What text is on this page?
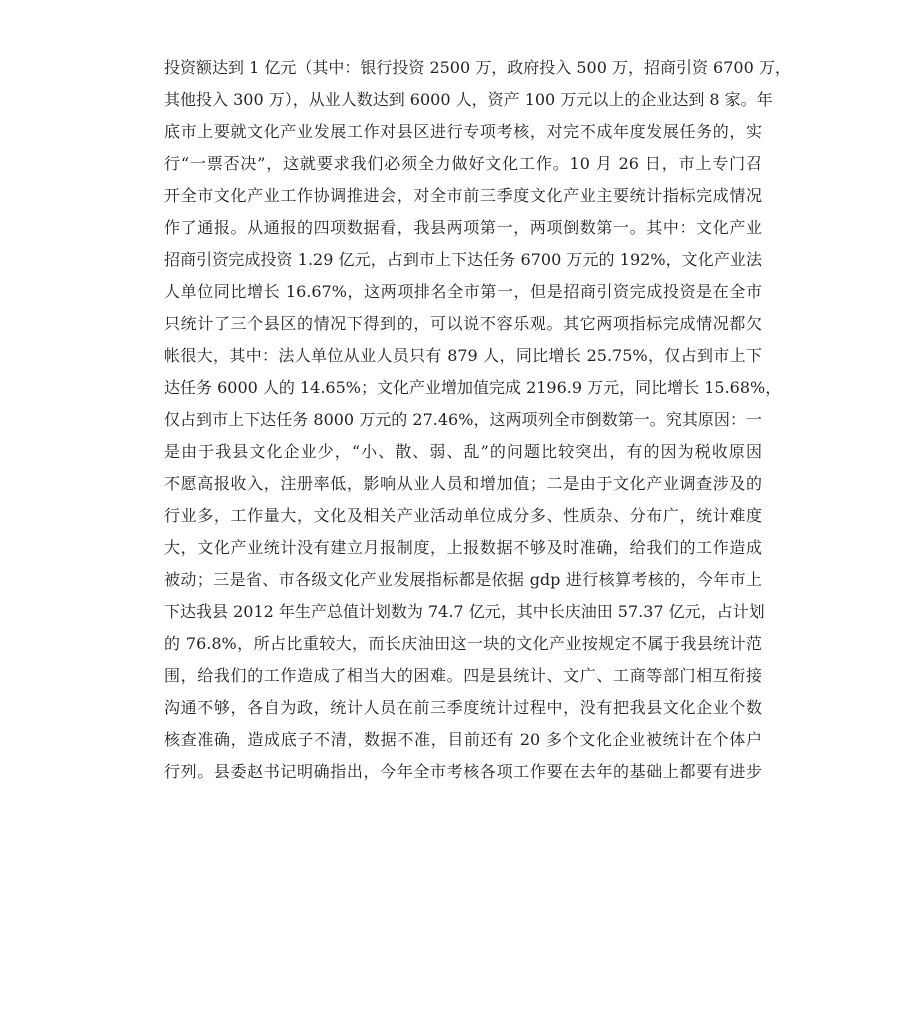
投资额达到 1 亿元（其中：银行投资 2500 万，政府投入 500 万，招商引资 6700 万，
其他投入 300 万），从业人数达到 6000 人，资产 100 万元以上的企业达到 8 家。年
底市上要就文化产业发展工作对县区进行专项考核，对完不成年度发展任务的，实
行“一票否决”，这就要求我们必须全力做好文化工作。10 月 26 日，市上专门召
开全市文化产业工作协调推进会，对全市前三季度文化产业主要统计指标完成情况
作了通报。从通报的四项数据看，我县两项第一，两项倒数第一。其中：文化产业
招商引资完成投资 1.29 亿元，占到市上下达任务 6700 万元的 192%，文化产业法
人单位同比增长 16.67%，这两项排名全市第一，但是招商引资完成投资是在全市
只统计了三个县区的情况下得到的，可以说不容乐观。其它两项指标完成情况都欠
帐很大，其中：法人单位从业人员只有 879 人，同比增长 25.75%，仅占到市上下
达任务 6000 人的 14.65%；文化产业增加值完成 2196.9 万元，同比增长 15.68%，
仅占到市上下达任务 8000 万元的 27.46%，这两项列全市倒数第一。究其原因：一
是由于我县文化企业少，“小、散、弱、乱”的问题比较突出，有的因为税收原因
不愿高报收入，注册率低，影响从业人员和增加值；二是由于文化产业调查涉及的
行业多，工作量大，文化及相关产业活动单位成分多、性质杂、分布广，统计难度
大，文化产业统计没有建立月报制度，上报数据不够及时准确，给我们的工作造成
被动；三是省、市各级文化产业发展指标都是依据 gdp 进行核算考核的，今年市上
下达我县 2012 年生产总值计划数为 74.7 亿元，其中长庆油田 57.37 亿元，占计划
的 76.8%，所占比重较大，而长庆油田这一块的文化产业按规定不属于我县统计范
围，给我们的工作造成了相当大的困难。四是县统计、文广、工商等部门相互衔接
沟通不够，各自为政，统计人员在前三季度统计过程中，没有把我县文化企业个数
核查准确，造成底子不清，数据不准，目前还有 20 多个文化企业被统计在个体户
行列。县委赵书记明确指出，今年全市考核各项工作要在去年的基础上都要有进步
